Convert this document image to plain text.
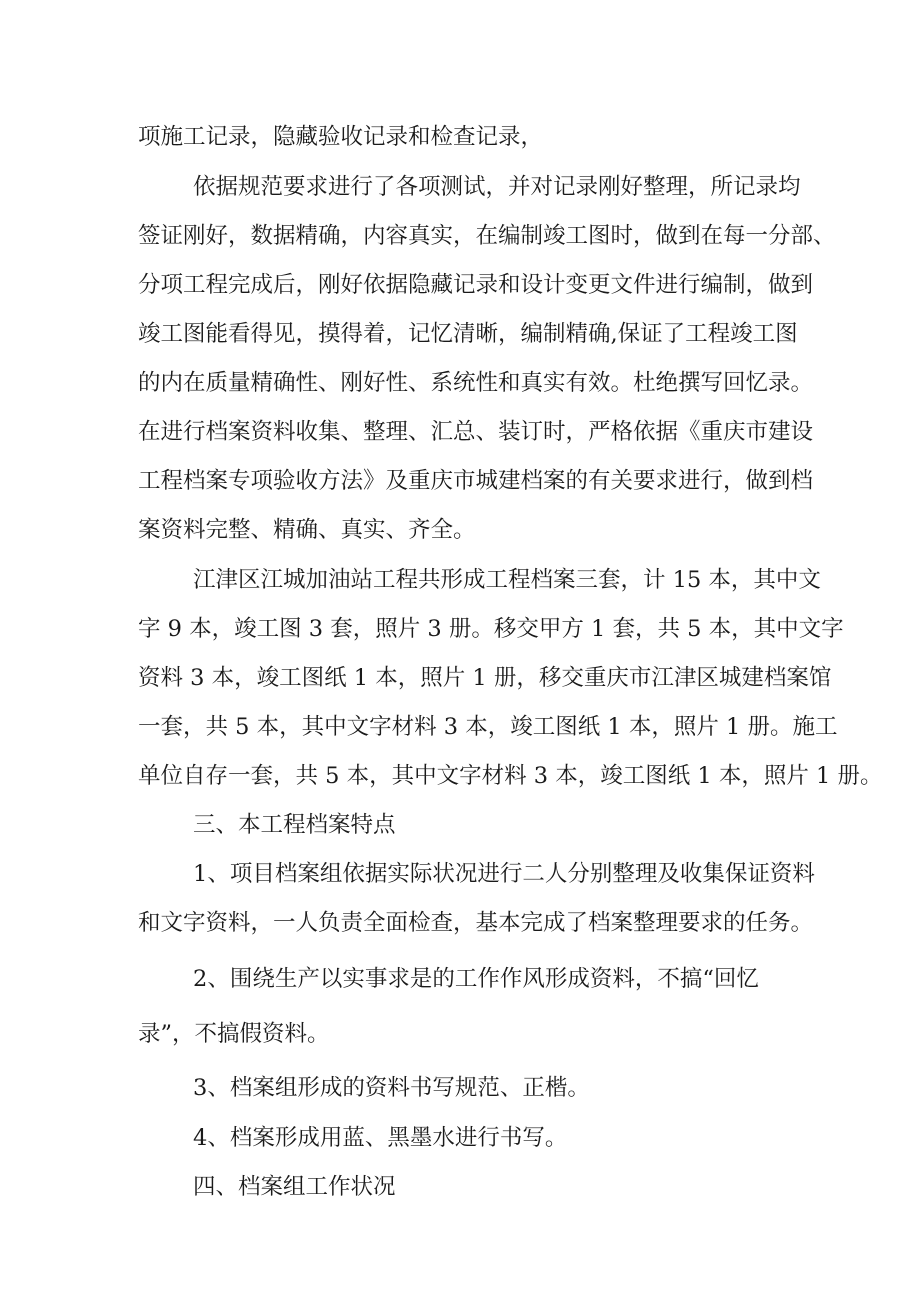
项施工记录，隐藏验收记录和检查记录，
依据规范要求进行了各项测试，并对记录刚好整理，所记录均
签证刚好，数据精确，内容真实，在编制竣工图时，做到在每一分部、
分项工程完成后，刚好依据隐藏记录和设计变更文件进行编制，做到
竣工图能看得见，摸得着，记忆清晰，编制精确,保证了工程竣工图
的内在质量精确性、刚好性、系统性和真实有效。杜绝撰写回忆录。
在进行档案资料收集、整理、汇总、装订时，严格依据《重庆市建设
工程档案专项验收方法》及重庆市城建档案的有关要求进行，做到档
案资料完整、精确、真实、齐全。
江津区江城加油站工程共形成工程档案三套，计 15 本，其中文
字 9 本，竣工图 3 套，照片 3 册。移交甲方 1 套，共 5 本，其中文字
资料 3 本，竣工图纸 1 本，照片 1 册，移交重庆市江津区城建档案馆
一套，共 5 本，其中文字材料 3 本，竣工图纸 1 本，照片 1 册。施工
单位自存一套，共 5 本，其中文字材料 3 本，竣工图纸 1 本，照片 1 册。
三、本工程档案特点
1、项目档案组依据实际状况进行二人分别整理及收集保证资料
和文字资料，一人负责全面检查，基本完成了档案整理要求的任务。
2、围绕生产以实事求是的工作作风形成资料，不搞“回忆
录”，不搞假资料。
3、档案组形成的资料书写规范、正楷。
4、档案形成用蓝、黑墨水进行书写。
四、档案组工作状况
